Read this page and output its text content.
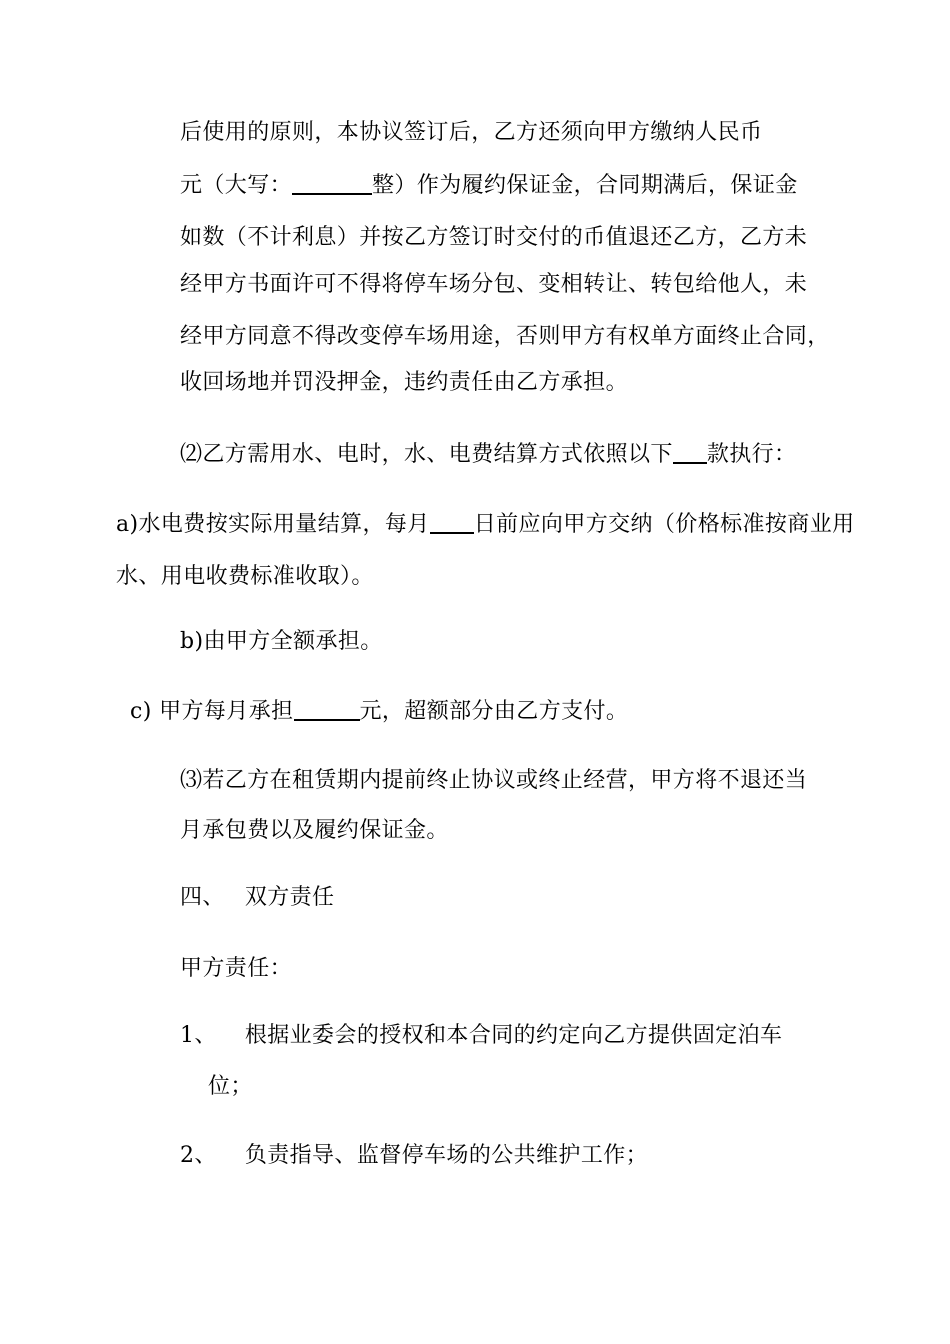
后使用的原则，本协议签订后，乙方还须向甲方缴纳人民币
元（大写：	整）作为履约保证金，合同期满后，保证金
如数（不计利息）并按乙方签订时交付的币值退还乙方，乙方未
经甲方书面许可不得将停车场分包、变相转让、转包给他人，未
经甲方同意不得改变停车场用途，否则甲方有权单方面终止合同，
收回场地并罚没押金，违约责任由乙方承担。
⑵乙方需用水、电时，水、电费结算方式依照以下 款执行：
a)水电费按实际用量结算，每月 日前应向甲方交纳（价格标准按商业用
水、用电收费标准收取）。
b)由甲方全额承担。
c) 甲方每月承担	元，超额部分由乙方支付。
⑶若乙方在租赁期内提前终止协议或终止经营，甲方将不退还当
月承包费以及履约保证金。
四、 双方责任
甲方责任：
1、 根据业委会的授权和本合同的约定向乙方提供固定泊车
位；
2、 负责指导、监督停车场的公共维护工作；
